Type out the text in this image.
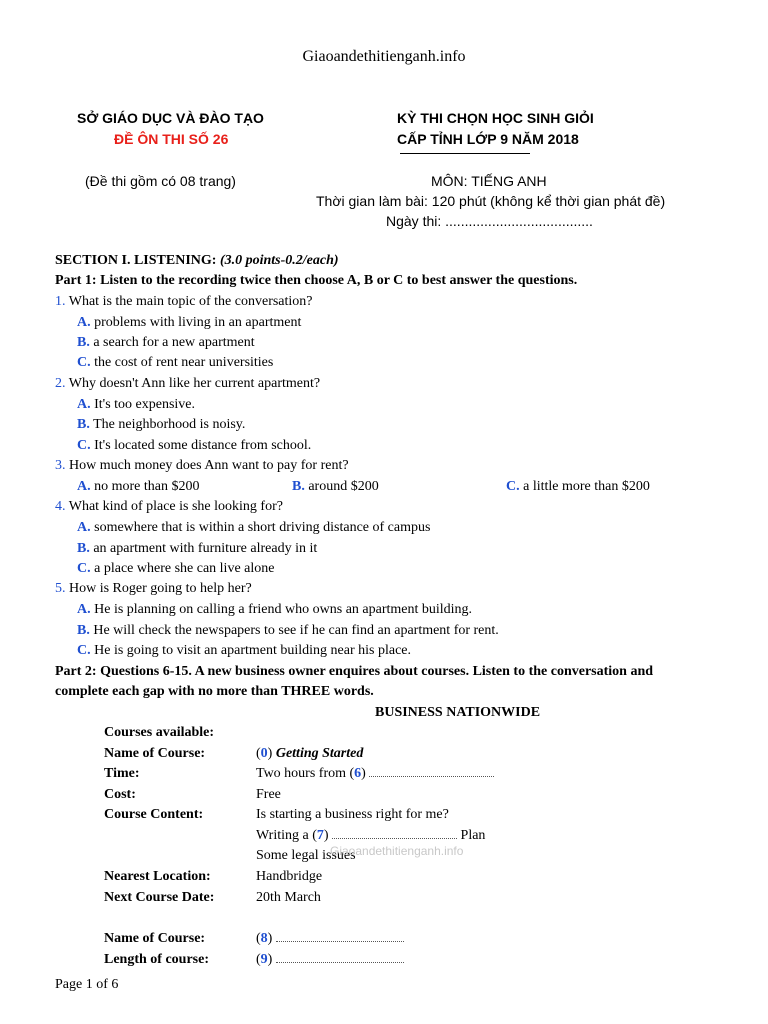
Giaoandethitienganh.info
SỞ GIÁO DỤC VÀ ĐÀO TẠO
ĐỀ ÔN THI SỐ 26
KỲ THI CHỌN HỌC SINH GIỎI
CẤP TỈNH LỚP 9 NĂM 2018
(Đề thi gồm có 08 trang)	MÔN: TIẾNG ANH
Thời gian làm bài: 120 phút (không kể thời gian phát đề)
Ngày thi: ......................................
SECTION I. LISTENING: (3.0 points-0.2/each)
Part 1: Listen to the recording twice then choose A, B or C to best answer the questions.
1. What is the main topic of the conversation?
A. problems with living in an apartment
B. a search for a new apartment
C. the cost of rent near universities
2. Why doesn't Ann like her current apartment?
A. It's too expensive.
B. The neighborhood is noisy.
C. It's located some distance from school.
3. How much money does Ann want to pay for rent?
A. no more than $200	B. around $200	C. a little more than $200
4. What kind of place is she looking for?
A. somewhere that is within a short driving distance of campus
B. an apartment with furniture already in it
C. a place where she can live alone
5. How is Roger going to help her?
A. He is planning on calling a friend who owns an apartment building.
B. He will check the newspapers to see if he can find an apartment for rent.
C. He is going to visit an apartment building near his place.
Part 2: Questions 6-15. A new business owner enquires about courses. Listen to the conversation and
complete each gap with no more than THREE words.
BUSINESS NATIONWIDE
Courses available:
Name of Course:	(0) Getting Started
Time:	Two hours from (6)
Cost:	Free
Course Content:	Is starting a business right for me?
Writing a (7)	Plan
Some legal issues
Giaoandethitienganh.info
Nearest Location:	Handbridge
Next Course Date:	20th March
Name of Course:	(8)
Length of course:	(9)
Page 1 of 6
